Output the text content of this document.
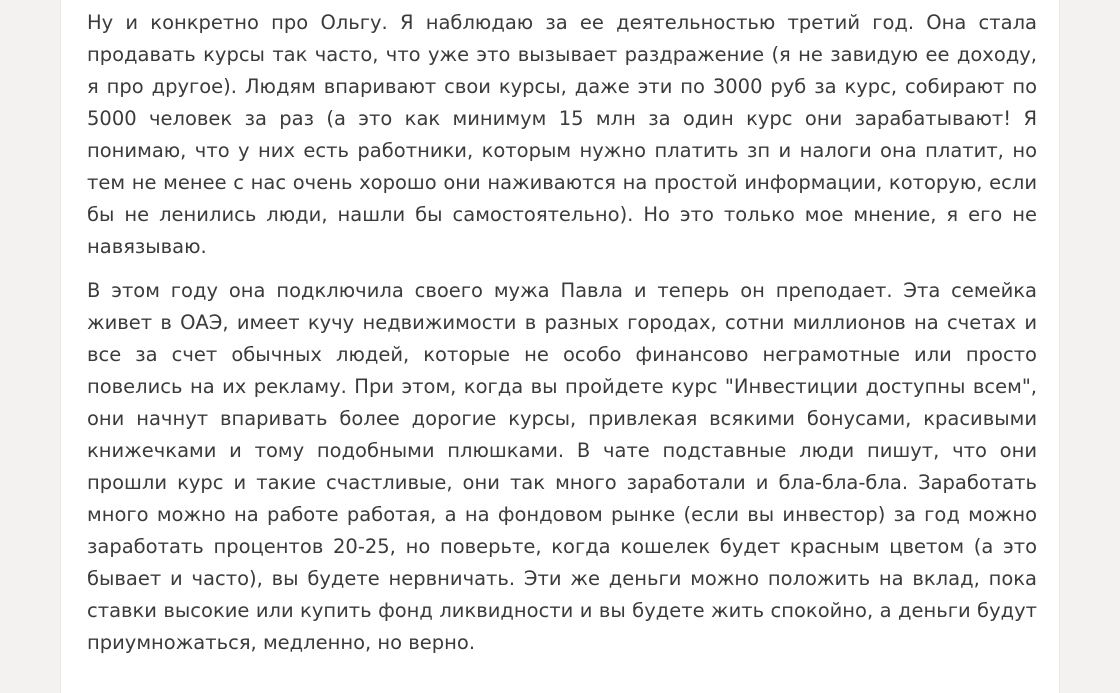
Ну и конкретно про Ольгу. Я наблюдаю за ее деятельностью третий год. Она стала продавать курсы так часто, что уже это вызывает раздражение (я не завидую ее доходу, я про другое). Людям впаривают свои курсы, даже эти по 3000 руб за курс, собирают по 5000 человек за раз (а это как минимум 15 млн за один курс они зарабатывают! Я понимаю, что у них есть работники, которым нужно платить зп и налоги она платит, но тем не менее с нас очень хорошо они наживаются на простой информации, которую, если бы не ленились люди, нашли бы самостоятельно). Но это только мое мнение, я его не навязываю.

В этом году она подключила своего мужа Павла и теперь он преподает. Эта семейка живет в ОАЭ, имеет кучу недвижимости в разных городах, сотни миллионов на счетах и все за счет обычных людей, которые не особо финансово неграмотные или просто повелись на их рекламу. При этом, когда вы пройдете курс "Инвестиции доступны всем", они начнут впаривать более дорогие курсы, привлекая всякими бонусами, красивыми книжечками и тому подобными плюшками. В чате подставные люди пишут, что они прошли курс и такие счастливые, они так много заработали и бла-бла-бла. Заработать много можно на работе работая, а на фондовом рынке (если вы инвестор) за год можно заработать процентов 20-25, но поверьте, когда кошелек будет красным цветом (а это бывает и часто), вы будете нервничать. Эти же деньги можно положить на вклад, пока ставки высокие или купить фонд ликвидности и вы будете жить спокойно, а деньги будут приумножаться, медленно, но верно.
